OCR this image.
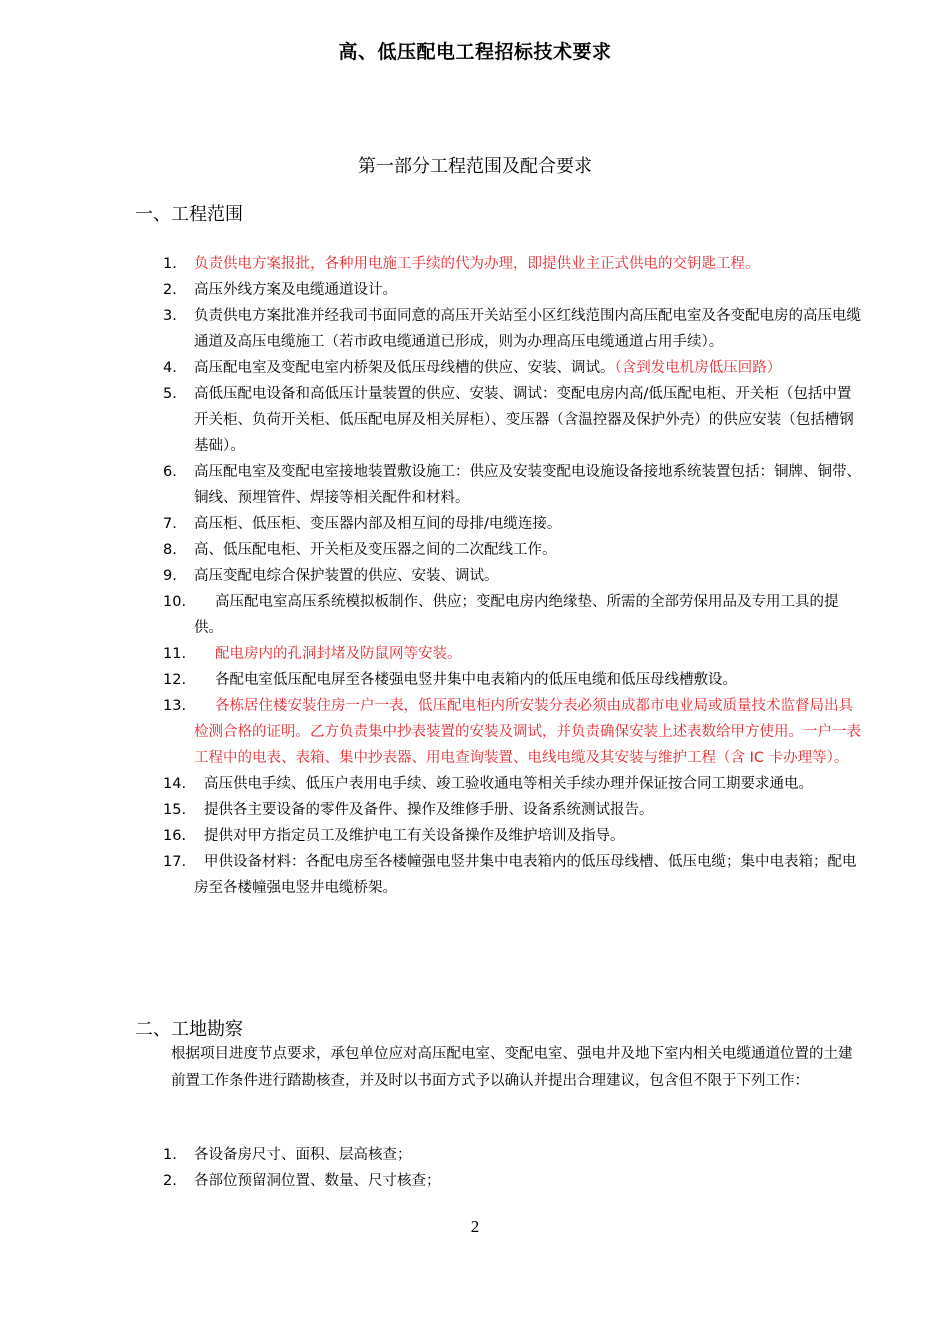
高、低压配电工程招标技术要求
第一部分工程范围及配合要求
一、工程范围
1. 负责供电方案报批，各种用电施工手续的代为办理，即提供业主正式供电的交钥匙工程。
2. 高压外线方案及电缆通道设计。
3. 负责供电方案批准并经我司书面同意的高压开关站至小区红线范围内高压配电室及各变配电房的高压电缆通道及高压电缆施工（若市政电缆通道已形成，则为办理高压电缆通道占用手续）。
4. 高压配电室及变配电室内桥架及低压母线槽的供应、安装、调试。（含到发电机房低压回路）
5. 高低压配电设备和高低压计量装置的供应、安装、调试：变配电房内高/低压配电柜、开关柜（包括中置开关柜、负荷开关柜、低压配电屏及相关屏柜）、变压器（含温控器及保护外壳）的供应安装（包括槽钢基础）。
6. 高压配电室及变配电室接地装置敷设施工：供应及安装变配电设施设备接地系统装置包括：铜牌、铜带、铜线、预埋管件、焊接等相关配件和材料。
7. 高压柜、低压柜、变压器内部及相互间的母排/电缆连接。
8. 高、低压配电柜、开关柜及变压器之间的二次配线工作。
9. 高压变配电综合保护装置的供应、安装、调试。
10. 高压配电室高压系统模拟板制作、供应；变配电房内绝缘垫、所需的全部劳保用品及专用工具的提供。
11. 配电房内的孔洞封堵及防鼠网等安装。
12. 各配电室低压配电屏至各楼强电竖井集中电表箱内的低压电缆和低压母线槽敷设。
13. 各栋居住楼安装住房一户一表，低压配电柜内所安装分表必须由成都市电业局或质量技术监督局出具检测合格的证明。乙方负责集中抄表装置的安装及调试，并负责确保安装上述表数给甲方使用。一户一表工程中的电表、表箱、集中抄表器、用电查询装置、电线电缆及其安装与维护工程（含 IC 卡办理等）。
14. 高压供电手续、低压户表用电手续、竣工验收通电等相关手续办理并保证按合同工期要求通电。
15. 提供各主要设备的零件及备件、操作及维修手册、设备系统测试报告。
16. 提供对甲方指定员工及维护电工有关设备操作及维护培训及指导。
17. 甲供设备材料：各配电房至各楼幢强电竖井集中电表箱内的低压母线槽、低压电缆；集中电表箱；配电房至各楼幢强电竖井电缆桥架。
二、工地勘察

根据项目进度节点要求，承包单位应对高压配电室、变配电室、强电井及地下室内相关电缆通道位置的土建前置工作条件进行踏勘核查，并及时以书面方式予以确认并提出合理建议，包含但不限于下列工作：

1. 各设备房尺寸、面积、层高核查；
2. 各部位预留洞位置、数量、尺寸核查；
2
